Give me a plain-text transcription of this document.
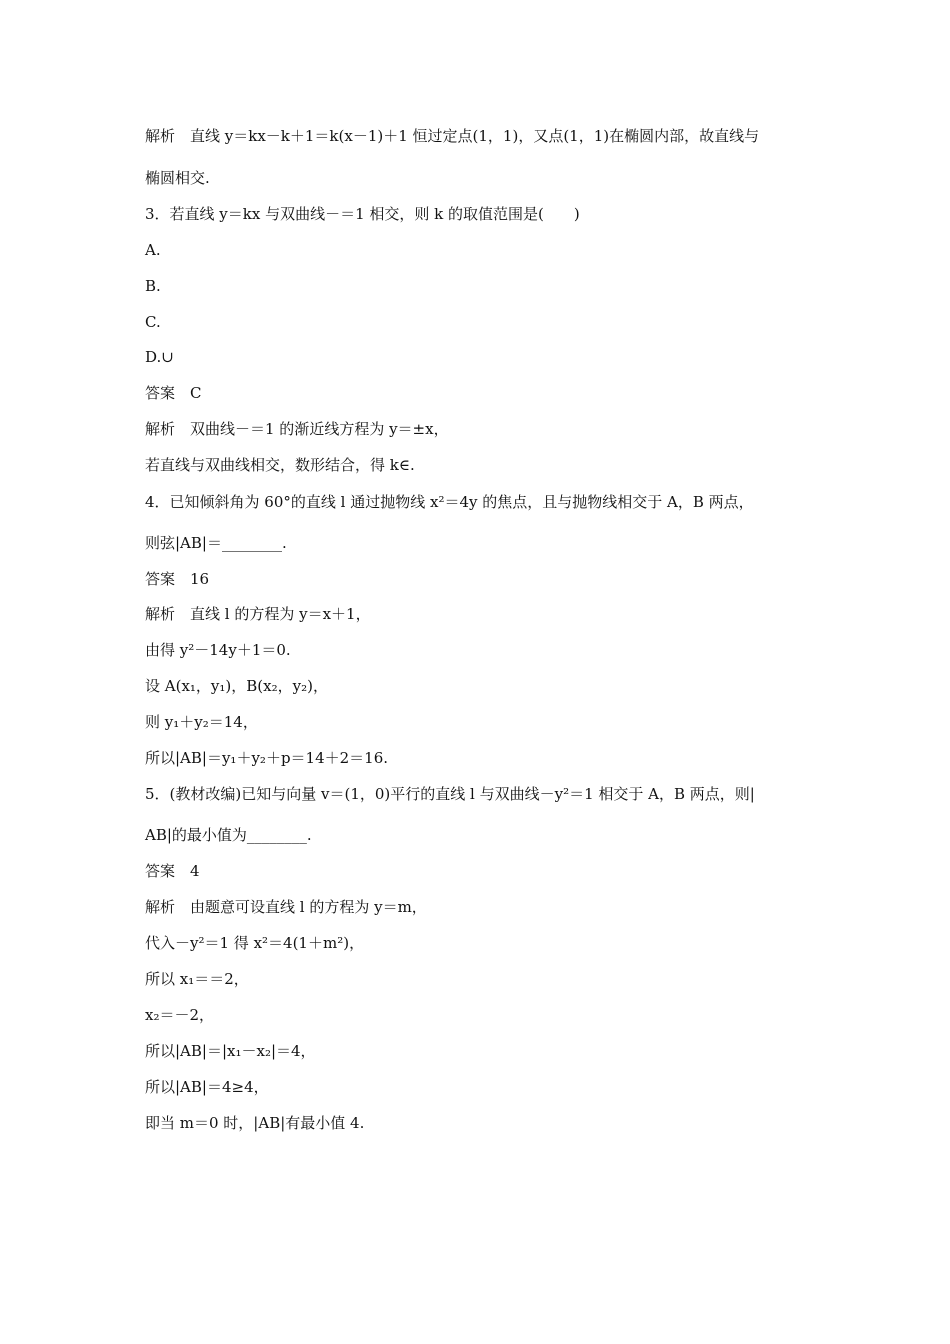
解析　直线 y＝kx－k＋1＝k(x－1)＋1 恒过定点(1，1)，又点(1，1)在椭圆内部，故直线与
椭圆相交.
3．若直线 y＝kx 与双曲线－＝1 相交，则 k 的取值范围是(　　)
A.
B.
C.
D.∪
答案　C
解析　双曲线－＝1 的渐近线方程为 y＝±x，
若直线与双曲线相交，数形结合，得 k∈.
4．已知倾斜角为 60°的直线 l 通过抛物线 x²＝4y 的焦点，且与抛物线相交于 A，B 两点，
则弦|AB|＝________.
答案　16
解析　直线 l 的方程为 y＝x＋1，
由得 y²－14y＋1＝0.
设 A(x₁，y₁)，B(x₂，y₂)，
则 y₁＋y₂＝14，
所以|AB|＝y₁＋y₂＋p＝14＋2＝16.
5．(教材改编)已知与向量 v＝(1，0)平行的直线 l 与双曲线－y²＝1 相交于 A，B 两点，则|
AB|的最小值为________.
答案　4
解析　由题意可设直线 l 的方程为 y＝m，
代入－y²＝1 得 x²＝4(1＋m²)，
所以 x₁＝＝2，
x₂＝－2，
所以|AB|＝|x₁－x₂|＝4，
所以|AB|＝4≥4，
即当 m＝0 时，|AB|有最小值 4.
